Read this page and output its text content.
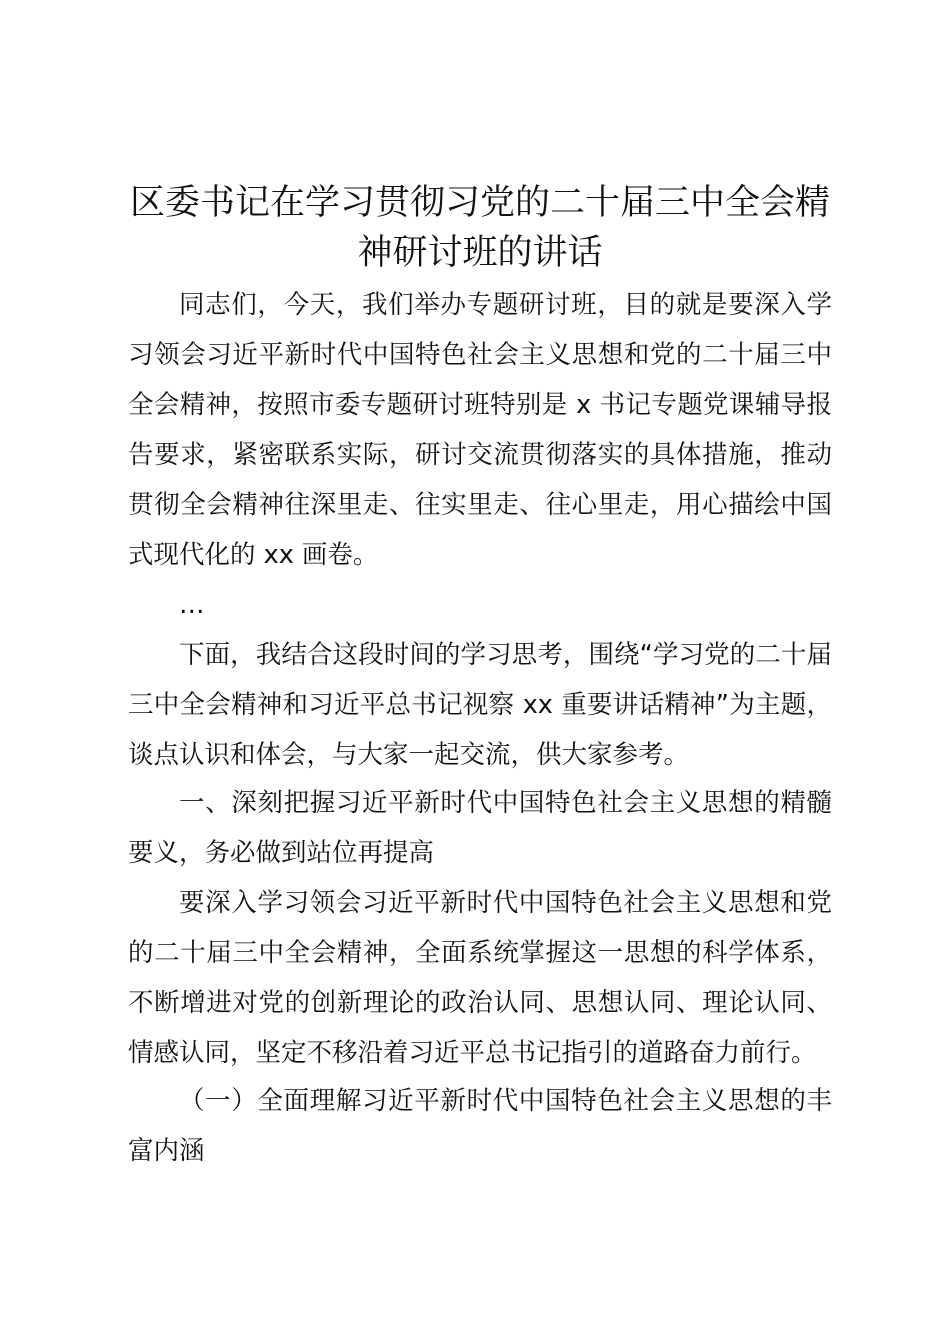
区委书记在学习贯彻习党的二十届三中全会精神研讨班的讲话

同志们，今天，我们举办专题研讨班，目的就是要深入学习领会习近平新时代中国特色社会主义思想和党的二十届三中全会精神，按照市委专题研讨班特别是 x 书记专题党课辅导报告要求，紧密联系实际，研讨交流贯彻落实的具体措施，推动贯彻全会精神往深里走、往实里走、往心里走，用心描绘中国式现代化的 xx 画卷。

…

下面，我结合这段时间的学习思考，围绕“学习党的二十届三中全会精神和习近平总书记视察 xx 重要讲话精神”为主题，谈点认识和体会，与大家一起交流，供大家参考。

一、深刻把握习近平新时代中国特色社会主义思想的精髓要义，务必做到站位再提高

要深入学习领会习近平新时代中国特色社会主义思想和党的二十届三中全会精神，全面系统掌握这一思想的科学体系，不断增进对党的创新理论的政治认同、思想认同、理论认同、情感认同，坚定不移沿着习近平总书记指引的道路奋力前行。

（一）全面理解习近平新时代中国特色社会主义思想的丰富内涵
